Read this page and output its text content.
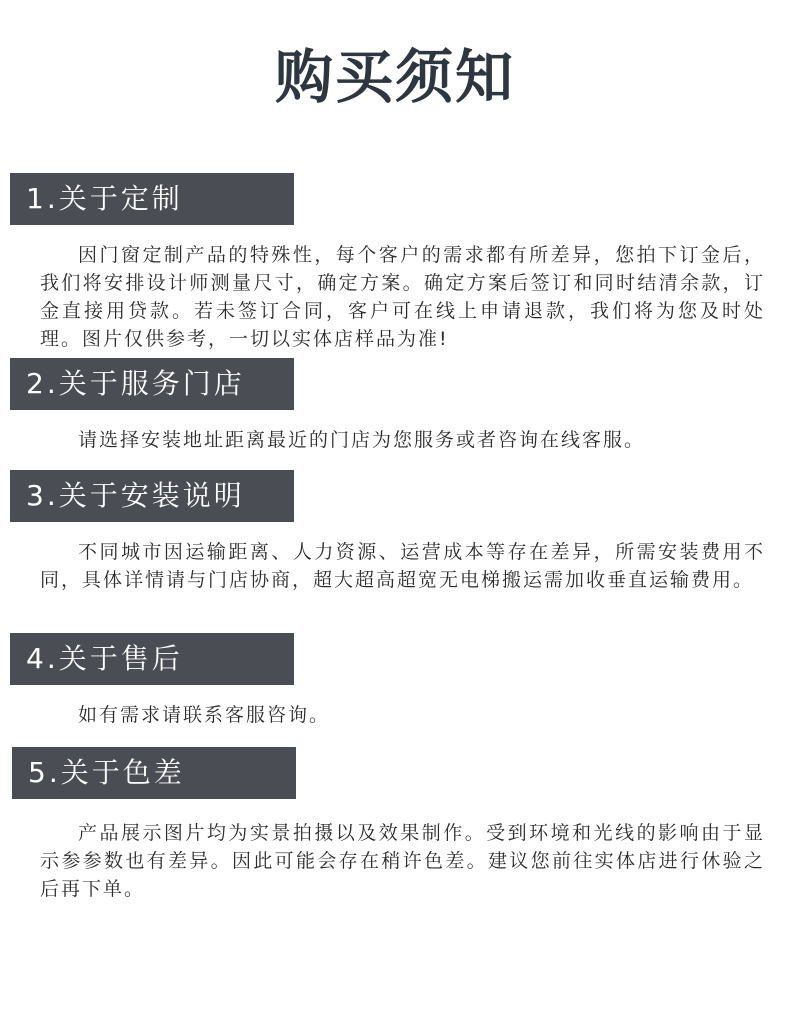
购买须知
1.关于定制

因门窗定制产品的特殊性，每个客户的需求都有所差异，您拍下订金后，我们将安排设计师测量尺寸，确定方案。确定方案后签订和同时结清余款，订金直接用贷款。若未签订合同，客户可在线上申请退款，我们将为您及时处理。图片仅供参考，一切以实体店样品为准!

2.关于服务门店

请选择安装地址距离最近的门店为您服务或者咨询在线客服。

3.关于安装说明

不同城市因运输距离、人力资源、运营成本等存在差异，所需安装费用不同，具体详情请与门店协商，超大超高超宽无电梯搬运需加收垂直运输费用。

4.关于售后

如有需求请联系客服咨询。

5.关于色差

产品展示图片均为实景拍摄以及效果制作。受到环境和光线的影响由于显示参参数也有差异。因此可能会存在稍许色差。建议您前往实体店进行休验之后再下单。
